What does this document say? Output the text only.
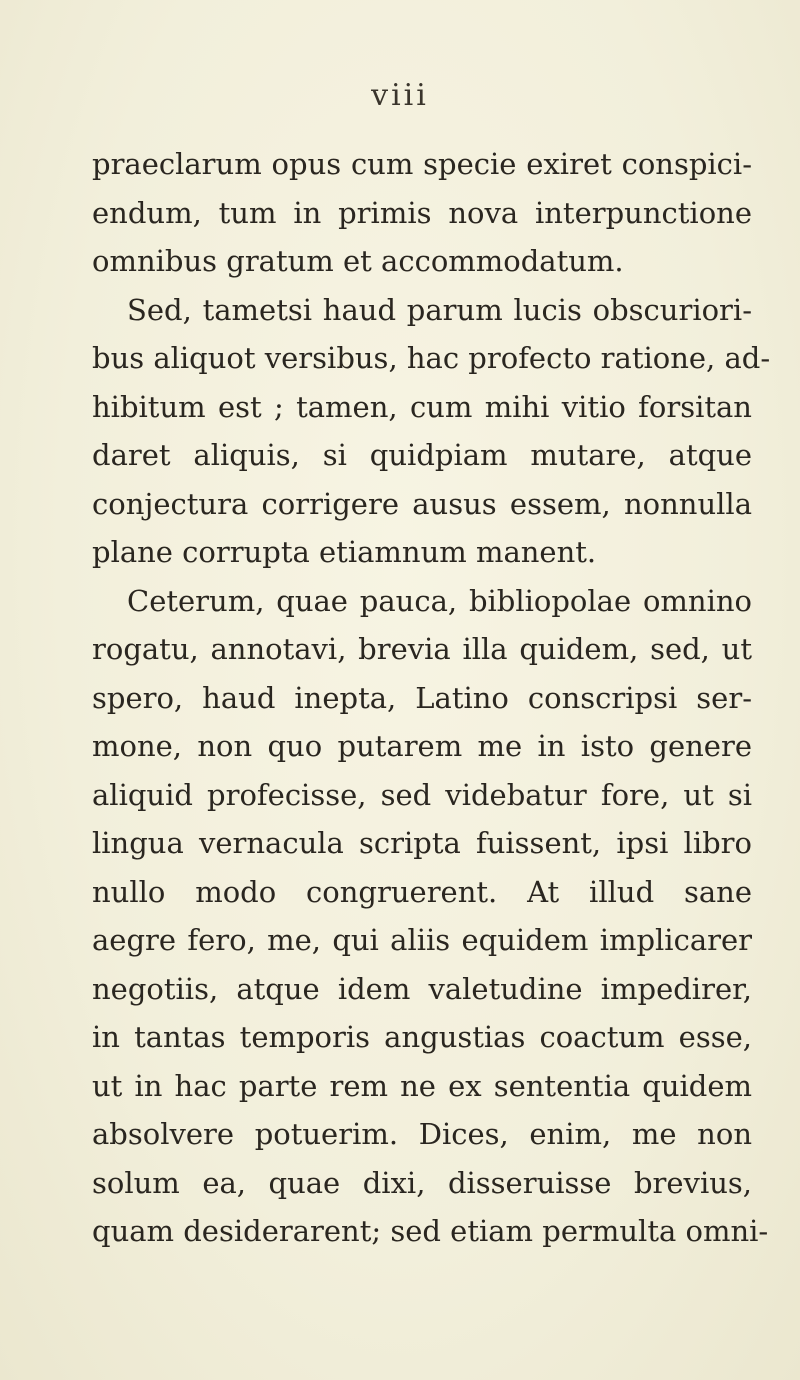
viii
praeclarum opus cum specie exiret conspici-
endum, tum in primis nova interpunctione
omnibus gratum et accommodatum.
Sed, tametsi haud parum lucis obscuriori-
bus aliquot versibus, hac profecto ratione, ad-
hibitum est ; tamen, cum mihi vitio forsitan
daret aliquis, si quidpiam mutare, atque
conjectura corrigere ausus essem, nonnulla
plane corrupta etiamnum manent.
Ceterum, quae pauca, bibliopolae omnino
rogatu, annotavi, brevia illa quidem, sed, ut
spero, haud inepta, Latino conscripsi ser-
mone, non quo putarem me in isto genere
aliquid profecisse, sed videbatur fore, ut si
lingua vernacula scripta fuissent, ipsi libro
nullo modo congruerent. At illud sane
aegre fero, me, qui aliis equidem implicarer
negotiis, atque idem valetudine impedirer,
in tantas temporis angustias coactum esse,
ut in hac parte rem ne ex sententia quidem
absolvere potuerim. Dices, enim, me non
solum ea, quae dixi, disseruisse brevius,
quam desiderarent; sed etiam permulta omni-
